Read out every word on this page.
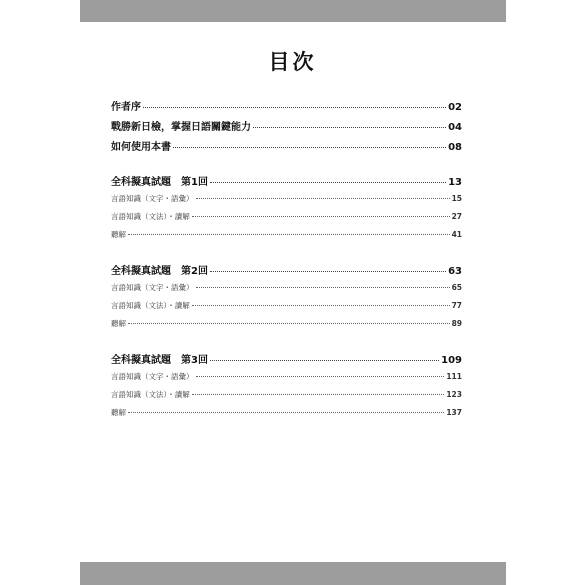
目次
作者序	02
戰勝新日檢，掌握日語關鍵能力	04
如何使用本書	08
全科擬真試題　第1回	13
言語知識（文字・語彙）	15
言語知識（文法）・讀解	27
聽解	41
全科擬真試題　第2回	63
言語知識（文字・語彙）	65
言語知識（文法）・讀解	77
聽解	89
全科擬真試題　第3回	109
言語知識（文字・語彙）	111
言語知識（文法）・讀解	123
聽解	137
